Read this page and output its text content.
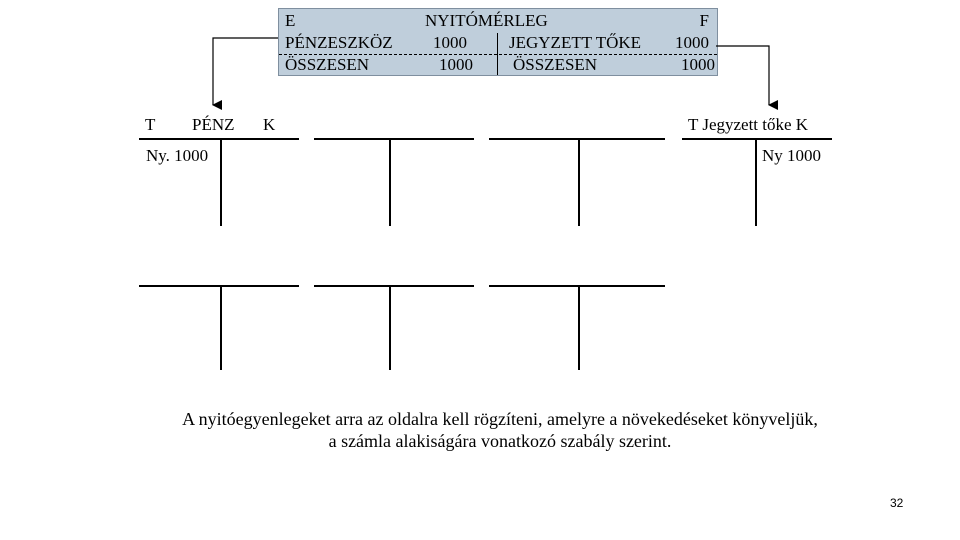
E	NYITÓMÉRLEG	F
PÉNZESZKÖZ 1000 JEGYZETT TŐKE 1000
ÖSSZESEN	1000 ÖSSZESEN	1000
T PÉNZ K
Ny. 1000
T Jegyzett tőke K
Ny 1000
A nyitóegyenlegeket arra az oldalra kell rögzíteni, amelyre a növekedéseket könyveljük,
a számla alakiságára vonatkozó szabály szerint.
32
